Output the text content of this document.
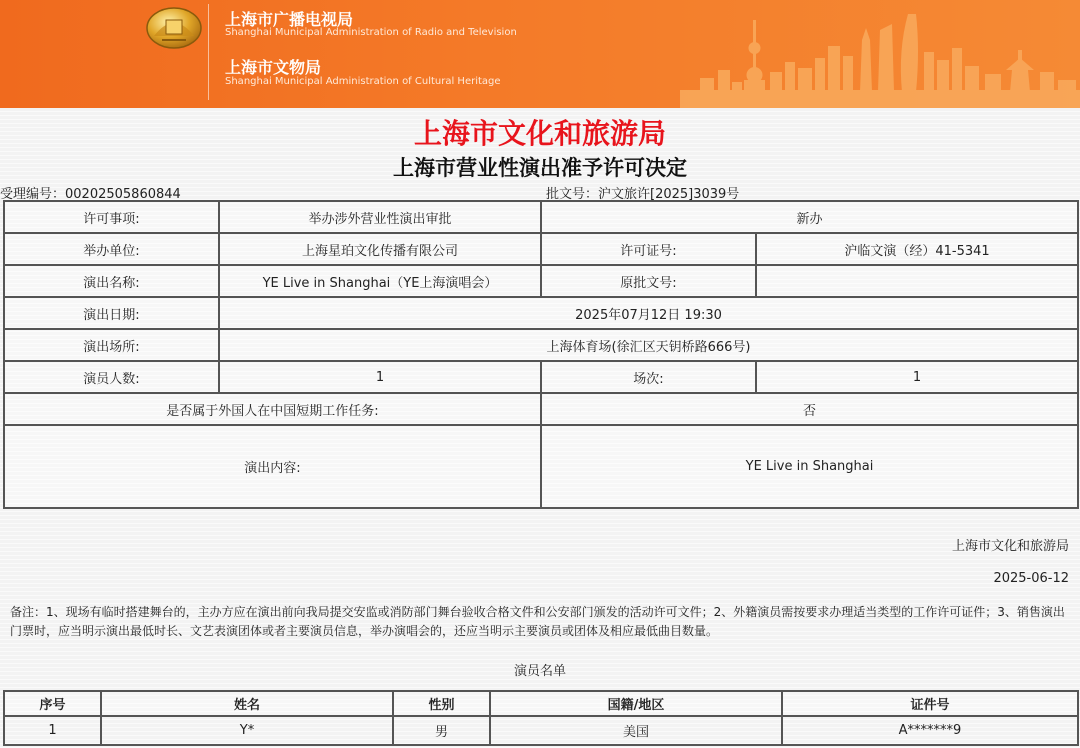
上海市广播电视局
Shanghai Municipal Administration of Radio and Television
上海市文物局
Shanghai Municipal Administration of Cultural Heritage
上海市文化和旅游局
上海市营业性演出准予许可决定
受理编号：00202505860844	批文号：沪文旅许[2025]3039号
许可事项:	举办涉外营业性演出审批	新办	
举办单位:	上海星珀文化传播有限公司	许可证号:	沪临文演（经）41-5341
演出名称:	YE Live in Shanghai（YE上海演唱会）	原批文号:	
演出日期:	2025年07月12日 19:30		
演出场所:	上海体育场(徐汇区天钥桥路666号)		
演员人数:	1	场次:	1
是否属于外国人在中国短期工作任务:		否	
演出内容:		YE Live in Shanghai	
上海市文化和旅游局
2025-06-12
备注：1、现场有临时搭建舞台的，主办方应在演出前向我局提交安监或消防部门舞台验收合格文件和公安部门颁发的活动许可文件；2、外籍演员需按要求办理适当类型的工作许可证件；3、销售演出门票时，应当明示演出最低时长、文艺表演团体或者主要演员信息，举办演唱会的，还应当明示主要演员或团体及相应最低曲目数量。
演员名单
序号	姓名	性别	国籍/地区	证件号
1	Y*	男	美国	A*******9
